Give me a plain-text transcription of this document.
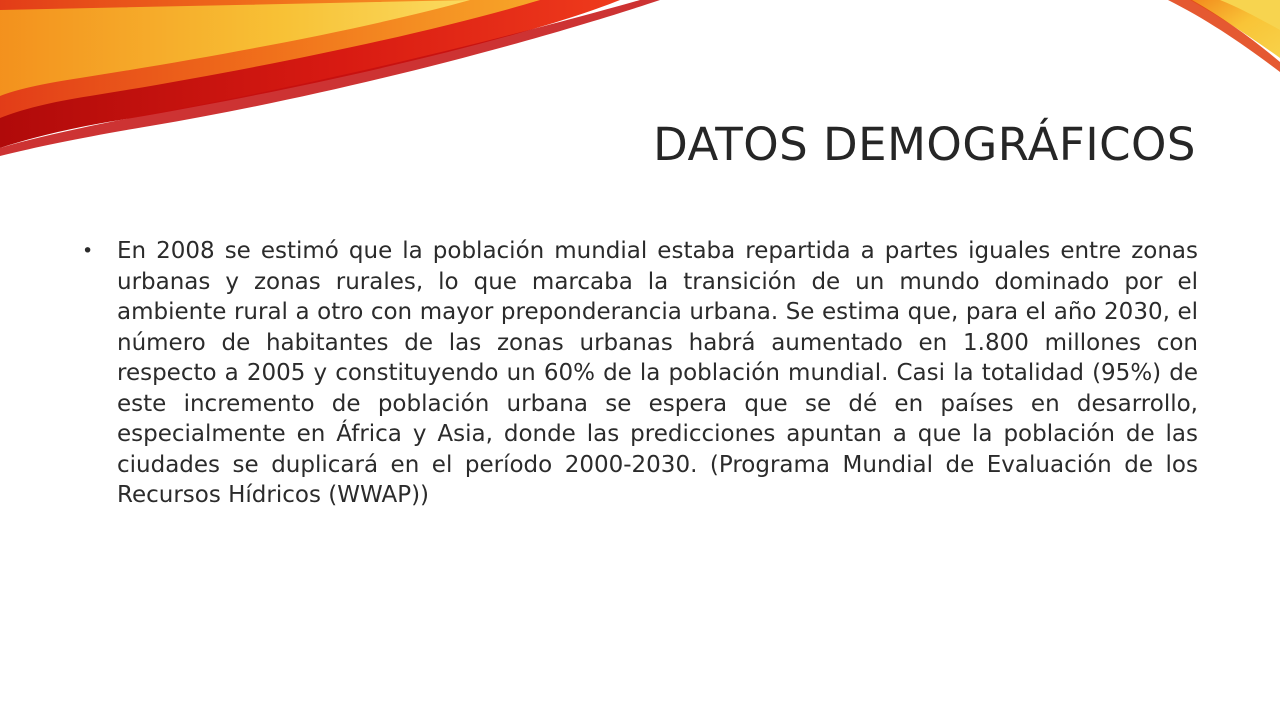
DATOS DEMOGRÁFICOS
• En 2008 se estimó que la población mundial estaba repartida a partes iguales entre zonas urbanas y zonas rurales, lo que marcaba la transición de un mundo dominado por el ambiente rural a otro con mayor preponderancia urbana. Se estima que, para el año 2030, el número de habitantes de las zonas urbanas habrá aumentado en 1.800 millones con respecto a 2005 y constituyendo un 60% de la población mundial. Casi la totalidad (95%) de este incremento de población urbana se espera que se dé en países en desarrollo, especialmente en África y Asia, donde las predicciones apuntan a que la población de las ciudades se duplicará en el período 2000-2030. (Programa Mundial de Evaluación de los Recursos Hídricos (WWAP))
